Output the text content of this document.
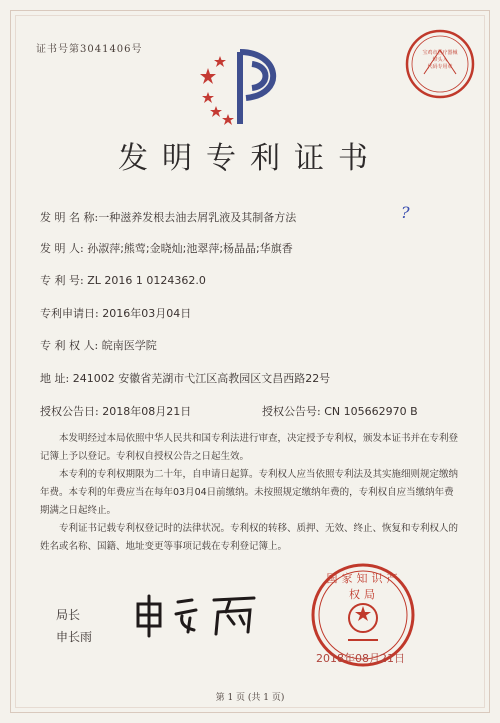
证书号第3041406号	宝鸡市医疗器械
带头人
代码专用章
发明专利证书
发 明 名 称:一种滋养发根去油去屑乳液及其制备方法	?
发 明 人: 孙淑萍;熊莺;金晓灿;池翠萍;杨晶晶;华旗香
专 利 号: ZL 2016 1 0124362.0
专利申请日: 2016年03月04日
专 利 权 人: 皖南医学院
地 址: 241002 安徽省芜湖市弋江区高教园区文昌西路22号
授权公告日: 2018年08月21日	授权公告号: CN 105662970 B

本发明经过本局依照中华人民共和国专利法进行审查，决定授予专利权，颁发本证书并在专利登记簿上予以登记。专利权自授权公告之日起生效。

本专利的专利权期限为二十年，自申请日起算。专利权人应当依照专利法及其实施细则规定缴纳年费。本专利的年费应当在每年03月04日前缴纳。未按照规定缴纳年费的，专利权自应当缴纳年费期满之日起终止。

专利证书记载专利权登记时的法律状况。专利权的转移、质押、无效、终止、恢复和专利权人的姓名或名称、国籍、地址变更等事项记载在专利登记簿上。

局长
申长雨
国家知识产权局
2018年08月21日
第 1 页 (共 1 页)
